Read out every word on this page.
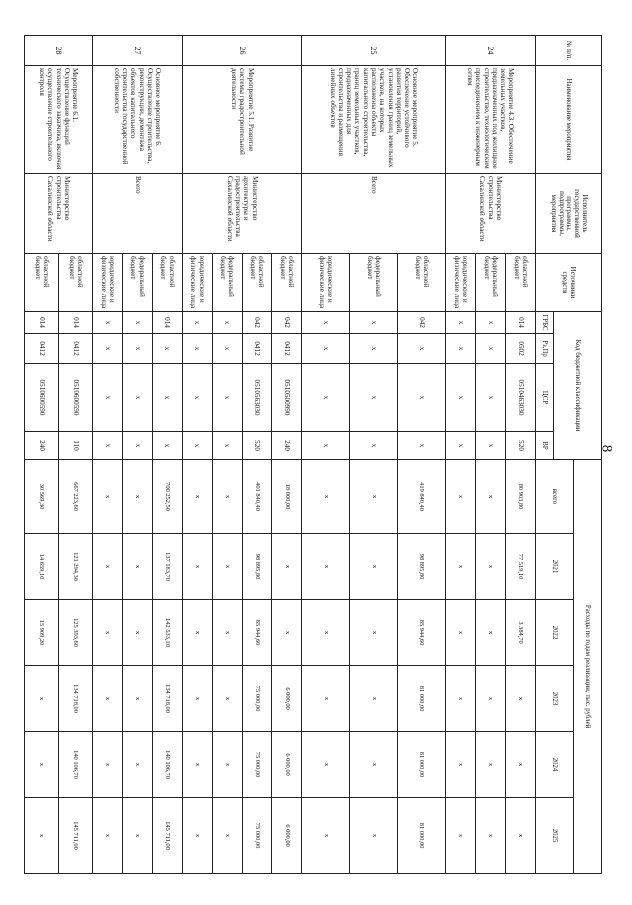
8
№ п/п.	Наименование мероприятия	Исполнитель государственной программы, подпрограммы, мероприятия	Источники средств	Код бюджетной классификации				Расходы по годам реализации, тыс. рублей					
								всего	2021	2022	2023	2024	2025
				ГРБС	Рз,Пр	ЦСР	ВР						
24	Мероприятие 4.3. Обеспечение земельных участков, предназначенных под жилищное строительство, технологическим присоединением к инженерным сетям	Министерство строительства Сахалинской области	областной бюджет	014	0502	0510463030	520	80 903,80	77 519,10	3 384,70	х	х	х
			федеральный бюджет	х	х	х	х	х	х	х	х	х	х
			юридические и физические лица	х	х	х	х	х	х	х	х	х	х
25	Основное мероприятие 5. Обеспечение устойчивого развития территорий, установления границ земельных участков, на которых расположены объекты капитального строительства, границ земельных участков, предназначенных для строительства и размещения линейных объектов	Всего	областной бюджет	042	х	х	х	419 840,40	98 895,80	85 944,60	81 000,00	81 000,00	81 000,00
			федеральный бюджет	х	х	х	х	х	х	х	х	х	х
			юридические и физические лица	х	х	х	х	х	х	х	х	х	х
26	Мероприятие 5.1. Развитие системы градостроительной деятельности	Министерство архитектуры и градостроительства Сахалинской области	областной бюджет	042	0412	0510500990	240	18 000,00	х	х	6 000,00	6 000,00	6 000,00
			областной бюджет	042	0412	0510563030	520	401 840,40	98 895,80	85 944,60	75 000,00	75 000,00	75 000,00
			федеральный бюджет	х	х	х	х	х	х	х	х	х	х
			юридические и физические лица	х	х	х	х	х	х	х	х	х	х
27	Основное мероприятие 6. Осуществление строительства, реконструкции, демонтажа объектов капитального строительства государственной собственности	Всего	областной бюджет	014	х	х	х	700 252,50	137 183,70	142 533,10	134 718,00	140 106,70	145 711,00
			федеральный бюджет	х	х	х	х	х	х	х	х	х	х
			юридические и физические лица	х	х	х	х	х	х	х	х	х	х
28	Мероприятие 6.1. Осуществление функций технического заказчика, включая осуществление строительного контроля	Министерство строительства Сахалинской области	областной бюджет	014	0412	0510600590	110	667 223,60	121 294,30	125 393,60	134 718,00	140 106,70	145 711,00
			областной бюджет	014	0412	0510600590	240	30 569,30	14 659,10	15 909,20	х	х	х
